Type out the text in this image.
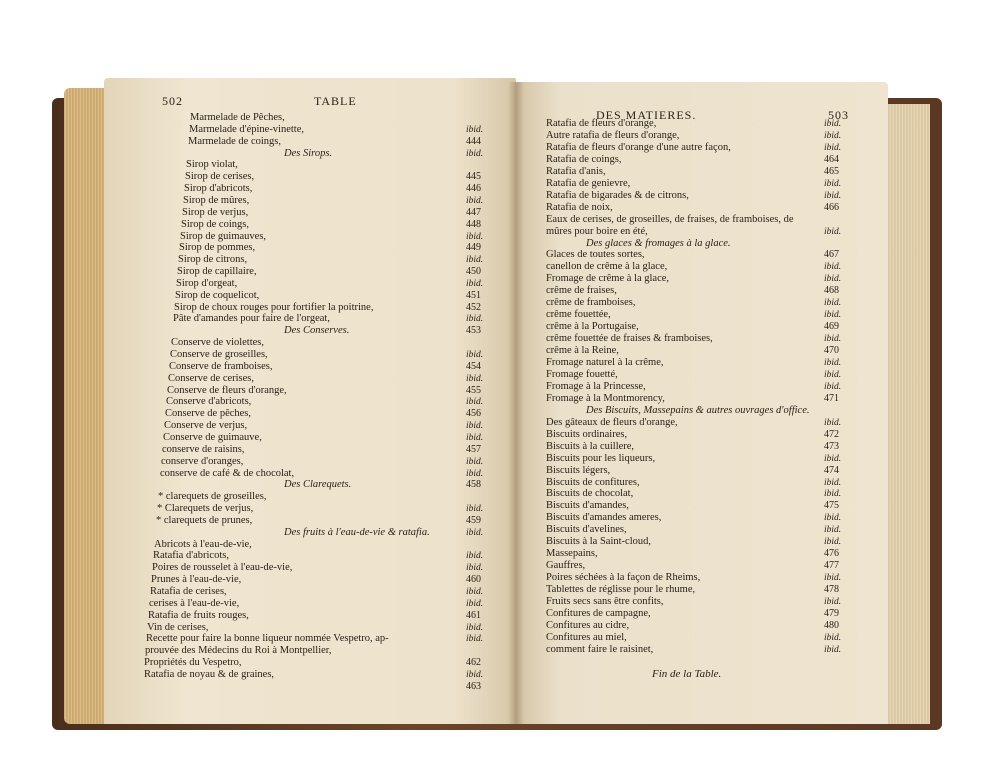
502	TABLE
Marmelade de Pêches,
Marmelade d'épine-vinette,	ibid.
Marmelade de coings,	444
Des Sirops.	ibid.
Sirop violat,
Sirop de cerises,	445
Sirop d'abricots,	446
Sirop de mûres,	ibid.
Sirop de verjus,	447
Sirop de coings,	448
Sirop de guimauves,	ibid.
Sirop de pommes,	449
Sirop de citrons,	ibid.
Sirop de capillaire,	450
Sirop d'orgeat,	ibid.
Sirop de coquelicot,	451
Sirop de choux rouges pour fortifier la poitrine,	452
Pâte d'amandes pour faire de l'orgeat,	ibid.
Des Conserves.	453
Conserve de violettes,
Conserve de groseilles,	ibid.
Conserve de framboises,	454
Conserve de cerises,	ibid.
Conserve de fleurs d'orange,	455
Conserve d'abricots,	ibid.
Conserve de pêches,	456
Conserve de verjus,	ibid.
Conserve de guimauve,	ibid.
conserve de raisins,	457
conserve d'oranges,	ibid.
conserve de café & de chocolat,	ibid.
Des Clarequets.	458
* clarequets de groseilles,
* Clarequets de verjus,	ibid.
* clarequets de prunes,	459
Des fruits à l'eau-de-vie & ratafia.	ibid.
Abricots à l'eau-de-vie,
Ratafia d'abricots,	ibid.
Poires de rousselet à l'eau-de-vie,	ibid.
Prunes à l'eau-de-vie,	460
Ratafia de cerises,	ibid.
cerises à l'eau-de-vie,	ibid.
Ratafia de fruits rouges,	461
Vin de cerises,	ibid.
Recette pour faire la bonne liqueur nommée Vespetro, ap-	ibid.
prouvée des Médecins du Roi à Montpellier,
Propriétés du Vespetro,	462
Ratafia de noyau & de graines,	ibid.
463
DES MATIERES.	503
Ratafia de fleurs d'orange,	ibid.
Autre ratafia de fleurs d'orange,	ibid.
Ratafia de fleurs d'orange d'une autre façon,	ibid.
Ratafia de coings,	464
Ratafia d'anis,	465
Ratafia de genievre,	ibid.
Ratafia de bigarades & de citrons,	ibid.
Ratafia de noix,	466
Eaux de cerises, de groseilles, de fraises, de framboises, de
mûres pour boire en été,	ibid.
Des glaces & fromages à la glace.
Glaces de toutes sortes,	467
canellon de crême à la glace,	ibid.
Fromage de crême à la glace,	ibid.
crême de fraises,	468
crême de framboises,	ibid.
crême fouettée,	ibid.
crême à la Portugaise,	469
crême fouettée de fraises & framboises,	ibid.
crême à la Reine,	470
Fromage naturel à la crême,	ibid.
Fromage fouetté,	ibid.
Fromage à la Princesse,	ibid.
Fromage à la Montmorency,	471
Des Biscuits, Massepains & autres ouvrages d'office.
Des gâteaux de fleurs d'orange,	ibid.
Biscuits ordinaires,	472
Biscuits à la cuillere,	473
Biscuits pour les liqueurs,	ibid.
Biscuits légers,	474
Biscuits de confitures,	ibid.
Biscuits de chocolat,	ibid.
Biscuits d'amandes,	475
Biscuits d'amandes ameres,	ibid.
Biscuits d'avelines,	ibid.
Biscuits à la Saint-cloud,	ibid.
Massepains,	476
Gauffres,	477
Poires séchées à la façon de Rheims,	ibid.
Tablettes de réglisse pour le rhume,	478
Fruits secs sans être confits,	ibid.
Confitures de campagne,	479
Confitures au cidre,	480
Confitures au miel,	ibid.
comment faire le raisinet,	ibid.
Fin de la Table.
